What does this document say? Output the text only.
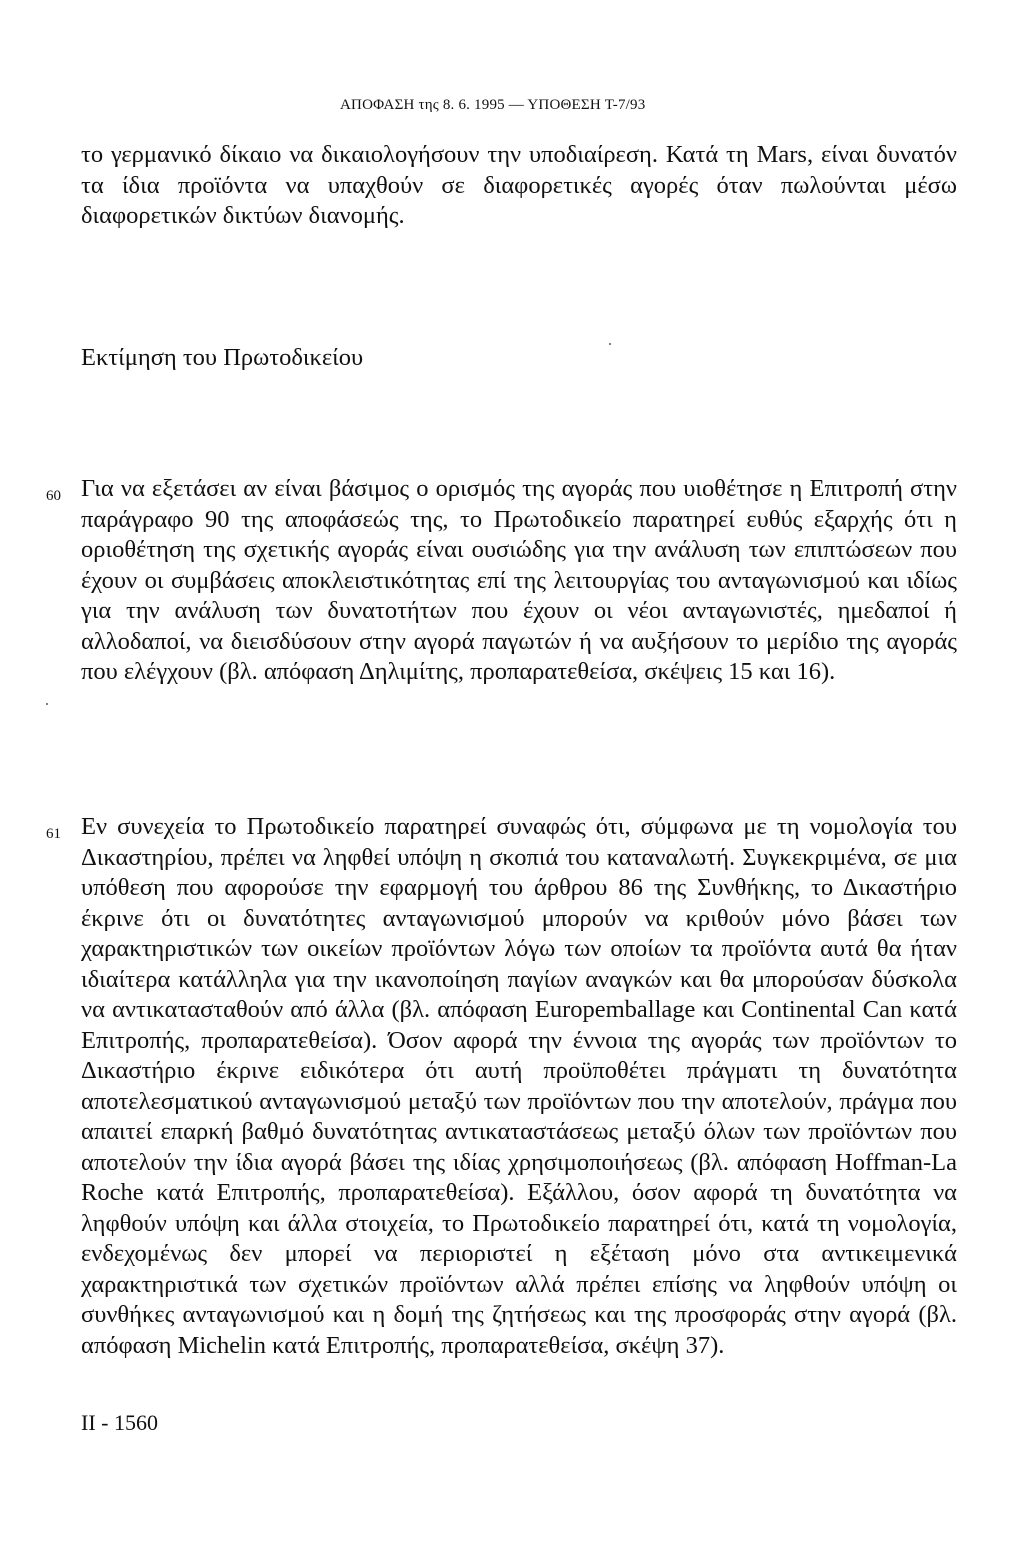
ΑΠΟΦΑΣΗ της 8. 6. 1995 — ΥΠΟΘΕΣΗ T-7/93
το γερμανικό δίκαιο να δικαιολογήσουν την υποδιαίρεση. Κατά τη Mars, είναι δυνατόν τα ίδια προϊόντα να υπαχθούν σε διαφορετικές αγορές όταν πωλούνται μέσω διαφορετικών δικτύων διανομής.
Εκτίμηση του Πρωτοδικείου
60 Για να εξετάσει αν είναι βάσιμος ο ορισμός της αγοράς που υιοθέτησε η Επιτροπή στην παράγραφο 90 της αποφάσεώς της, το Πρωτοδικείο παρατηρεί ευθύς εξαρχής ότι η οριοθέτηση της σχετικής αγοράς είναι ουσιώδης για την ανάλυση των επιπτώσεων που έχουν οι συμβάσεις αποκλειστικότητας επί της λειτουργίας του ανταγωνισμού και ιδίως για την ανάλυση των δυνατοτήτων που έχουν οι νέοι ανταγωνιστές, ημεδαποί ή αλλοδαποί, να διεισδύσουν στην αγορά παγωτών ή να αυξήσουν το μερίδιο της αγοράς που ελέγχουν (βλ. απόφαση Δηλιμίτης, προπαρατεθείσα, σκέψεις 15 και 16).
61 Εν συνεχεία το Πρωτοδικείο παρατηρεί συναφώς ότι, σύμφωνα με τη νομολογία του Δικαστηρίου, πρέπει να ληφθεί υπόψη η σκοπιά του καταναλωτή. Συγκεκριμένα, σε μια υπόθεση που αφορούσε την εφαρμογή του άρθρου 86 της Συνθήκης, το Δικαστήριο έκρινε ότι οι δυνατότητες ανταγωνισμού μπορούν να κριθούν μόνο βάσει των χαρακτηριστικών των οικείων προϊόντων λόγω των οποίων τα προϊόντα αυτά θα ήταν ιδιαίτερα κατάλληλα για την ικανοποίηση παγίων αναγκών και θα μπορούσαν δύσκολα να αντικατασταθούν από άλλα (βλ. απόφαση Europemballage και Continental Can κατά Επιτροπής, προπαρατεθείσα). Όσον αφορά την έννοια της αγοράς των προϊόντων το Δικαστήριο έκρινε ειδικότερα ότι αυτή προϋποθέτει πράγματι τη δυνατότητα αποτελεσματικού ανταγωνισμού μεταξύ των προϊόντων που την αποτελούν, πράγμα που απαιτεί επαρκή βαθμό δυνατότητας αντικαταστάσεως μεταξύ όλων των προϊόντων που αποτελούν την ίδια αγορά βάσει της ιδίας χρησιμοποιήσεως (βλ. απόφαση Hoffman-La Roche κατά Επιτροπής, προπαρατεθείσα). Εξάλλου, όσον αφορά τη δυνατότητα να ληφθούν υπόψη και άλλα στοιχεία, το Πρωτοδικείο παρατηρεί ότι, κατά τη νομολογία, ενδεχομένως δεν μπορεί να περιοριστεί η εξέταση μόνο στα αντικειμενικά χαρακτηριστικά των σχετικών προϊόντων αλλά πρέπει επίσης να ληφθούν υπόψη οι συνθήκες ανταγωνισμού και η δομή της ζητήσεως και της προσφοράς στην αγορά (βλ. απόφαση Michelin κατά Επιτροπής, προπαρατεθείσα, σκέψη 37).
II - 1560
